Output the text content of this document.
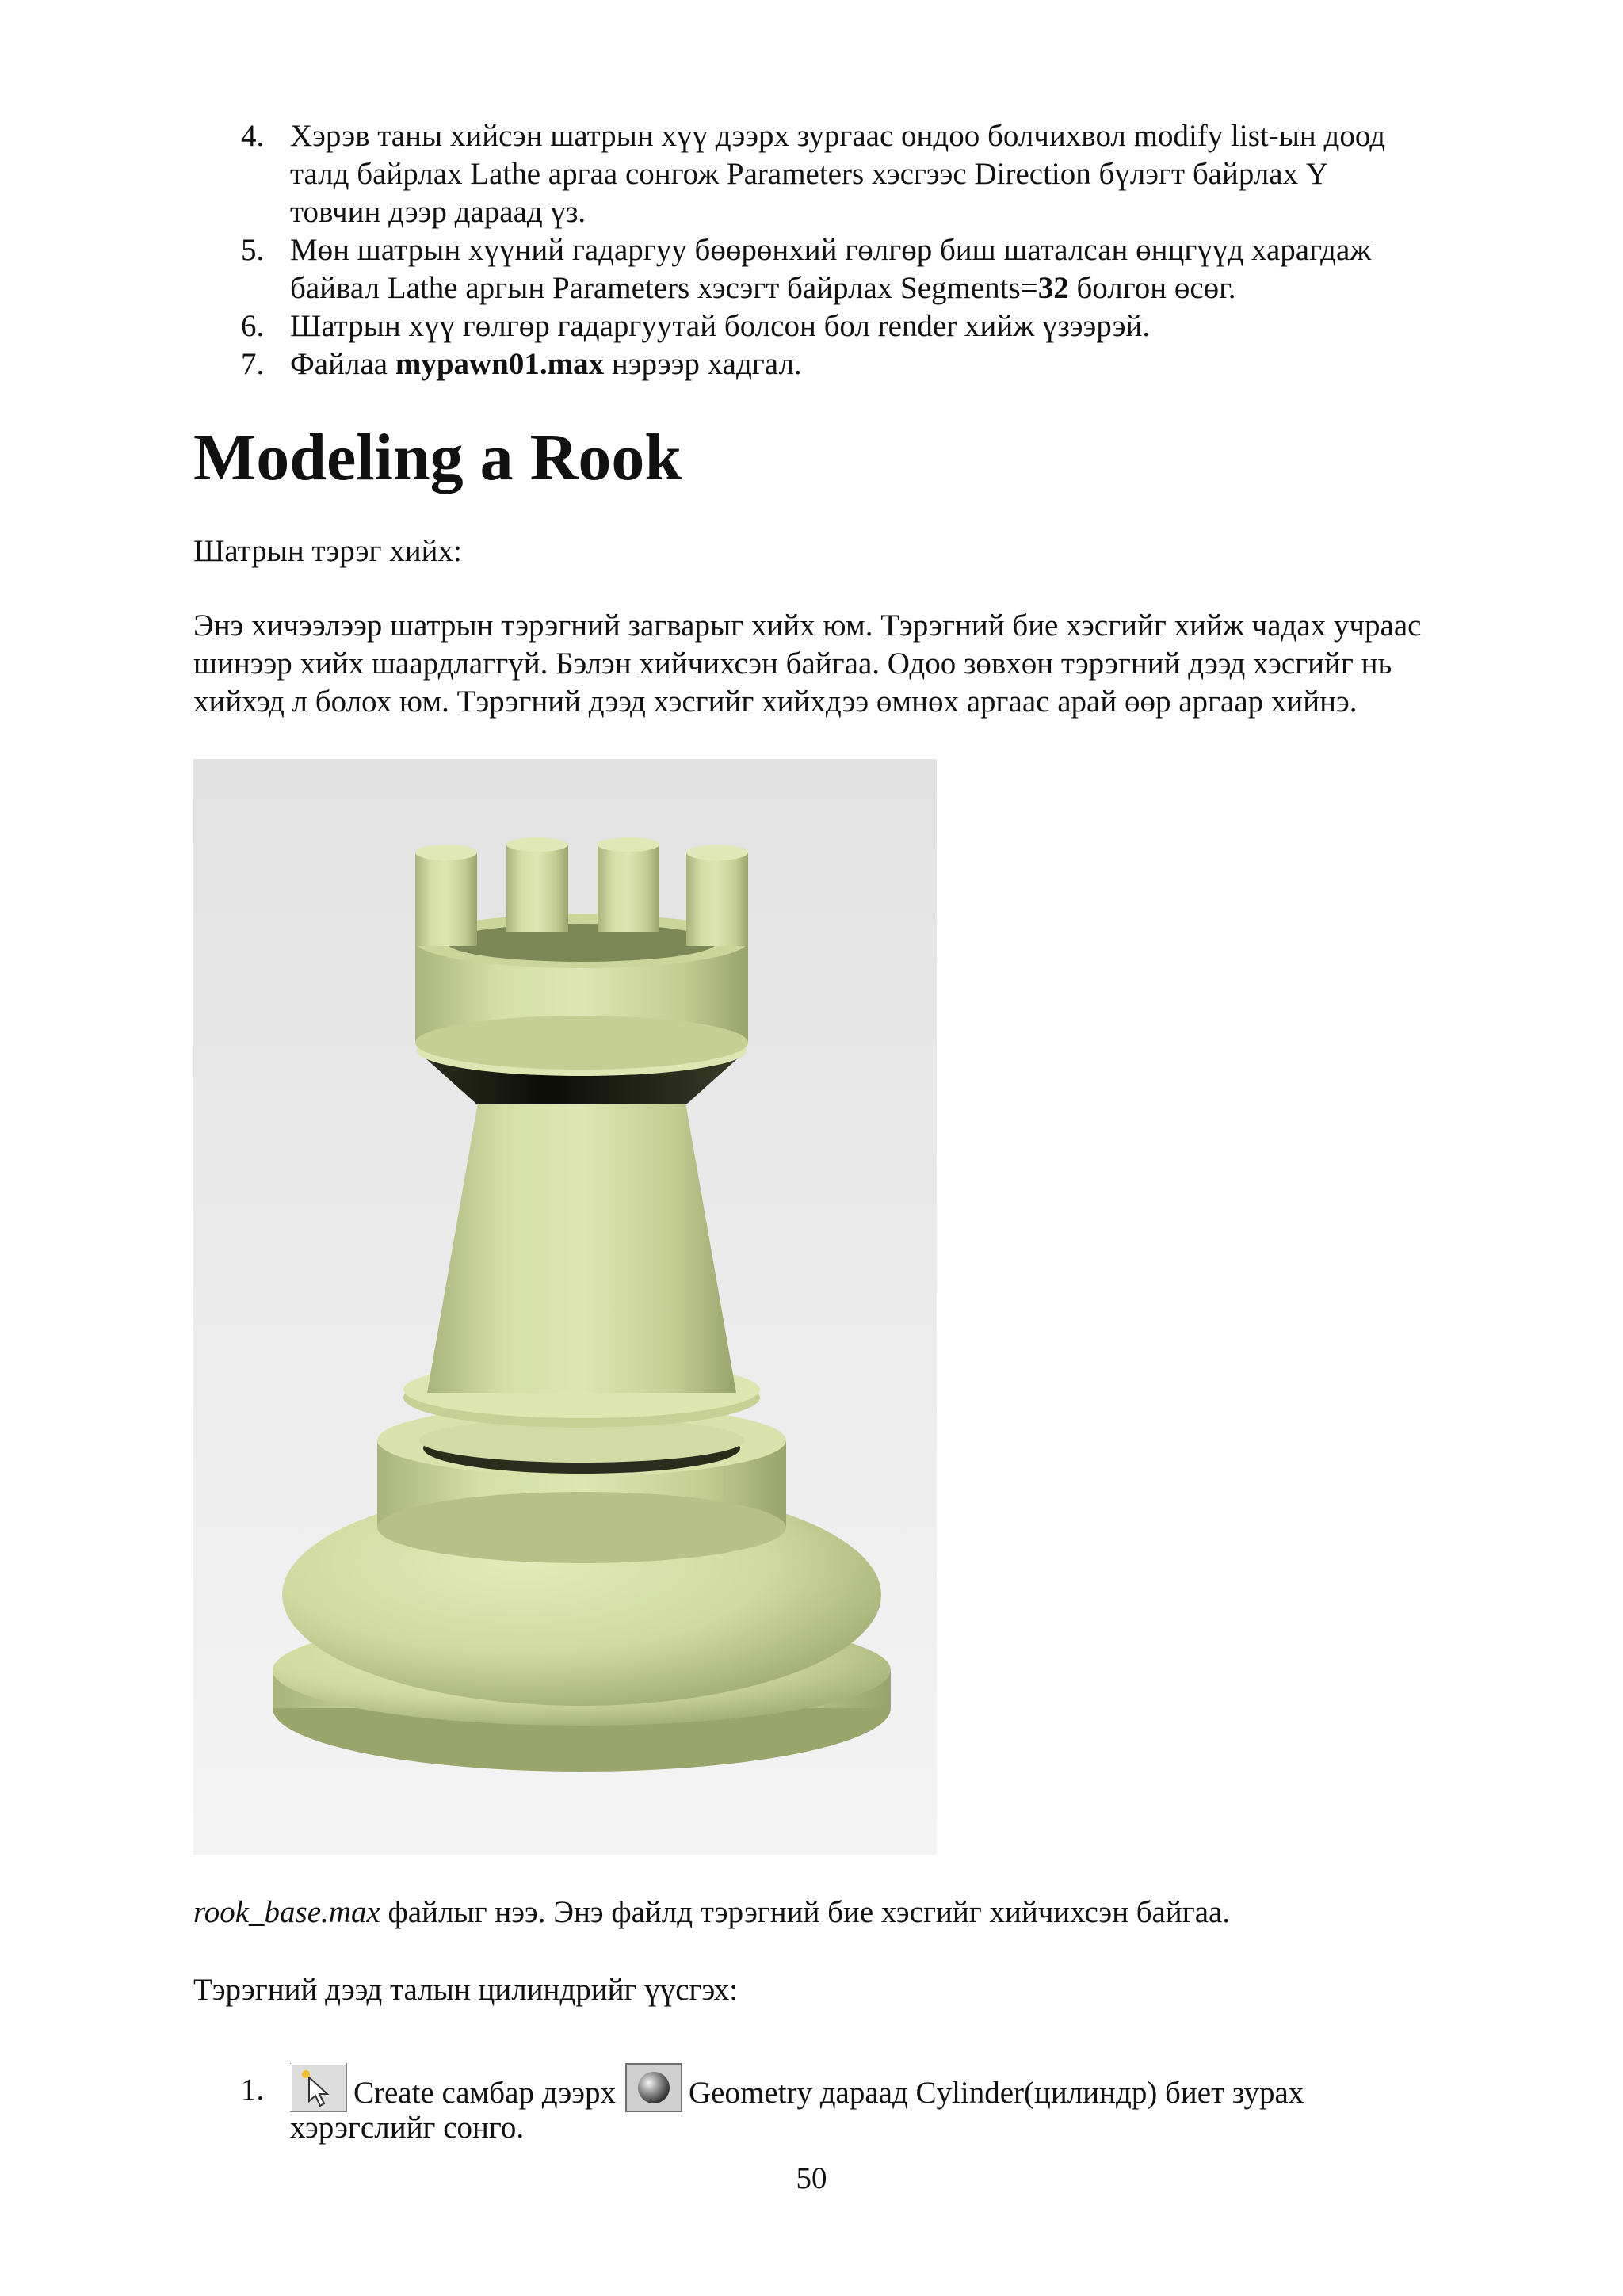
4. Хэрэв таны хийсэн шатрын хүү дээрх зургаас ондоо болчихвол modify list-ын доод
талд байрлах Lathe аргаа сонгож Parameters хэсгээс Direction бүлэгт байрлах Y
товчин дээр дараад үз.
5. Мөн шатрын хүүний гадаргуу бөөрөнхий гөлгөр биш шаталсан өнцгүүд харагдаж
байвал Lathe аргын Parameters хэсэгт байрлах Segments=32 болгон өсөг.
6. Шатрын хүү гөлгөр гадаргуутай болсон бол render хийж үзээрэй.
7. Файлаа mypawn01.max нэрээр хадгал.
Modeling a Rook

Шатрын тэрэг хийх:

Энэ хичээлээр шатрын тэрэгний загварыг хийх юм. Тэрэгний бие хэсгийг хийж чадах учраас шинээр хийх шаардлаггүй. Бэлэн хийчихсэн байгаа. Одоо зөвхөн тэрэгний дээд хэсгийг нь хийхэд л болох юм. Тэрэгний дээд хэсгийг хийхдээ өмнөх аргаас арай өөр аргаар хийнэ.

rook_base.max файлыг нээ. Энэ файлд тэрэгний бие хэсгийг хийчихсэн байгаа.

Тэрэгний дээд талын цилиндрийг үүсгэх:

1.	Create самбар дээрх Geometry дараад Cylinder(цилиндр) биет зурах
хэрэгслийг сонго.
50
